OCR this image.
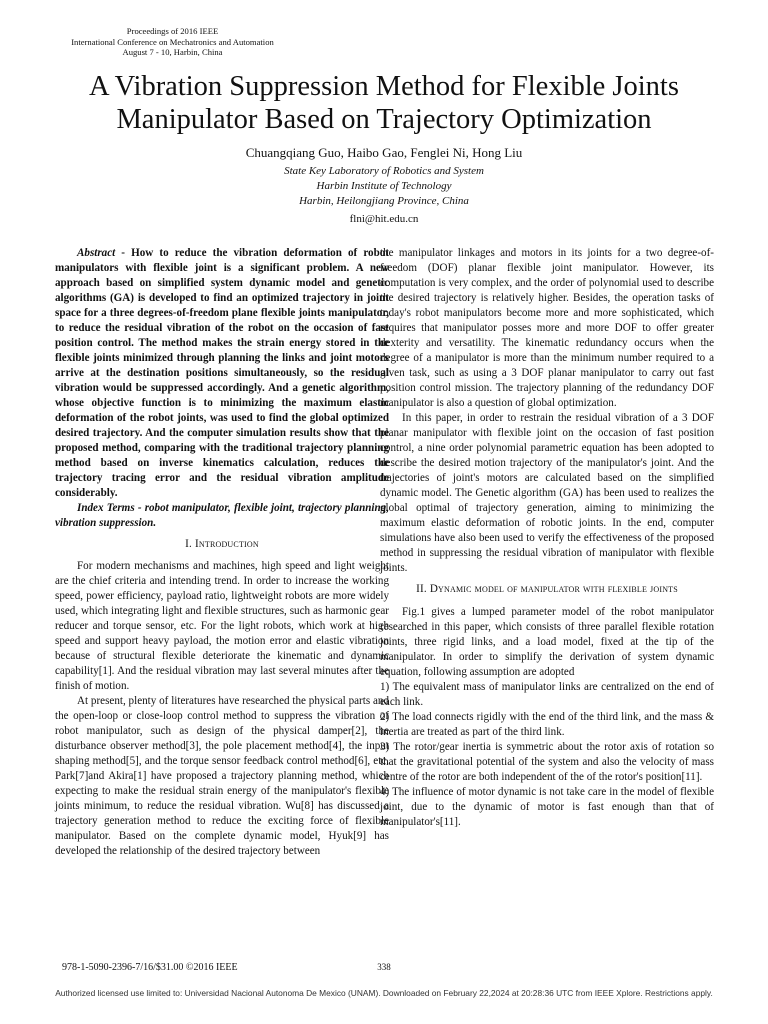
Proceedings of 2016 IEEE
International Conference on Mechatronics and Automation
August 7 - 10, Harbin, China
A Vibration Suppression Method for Flexible Joints
Manipulator Based on Trajectory Optimization
Chuangqiang Guo, Haibo Gao, Fenglei Ni, Hong Liu
State Key Laboratory of Robotics and System
Harbin Institute of Technology
Harbin, Heilongjiang Province, China
flni@hit.edu.cn

Abstract - How to reduce the vibration deformation of robot manipulators with flexible joint is a significant problem. A new approach based on simplified system dynamic model and genetic algorithms (GA) is developed to find an optimized trajectory in joint space for a three degrees-of-freedom plane flexible joints manipulator, to reduce the residual vibration of the robot on the occasion of fast position control. The method makes the strain energy stored in the flexible joints minimized through planning the links and joint motors arrive at the destination positions simultaneously, so the residual vibration would be suppressed accordingly. And a genetic algorithm, whose objective function is to minimizing the maximum elastic deformation of the robot joints, was used to find the global optimized desired trajectory. And the computer simulation results show that the proposed method, comparing with the traditional trajectory planning method based on inverse kinematics calculation, reduces the trajectory tracing error and the residual vibration amplitude considerably.

Index Terms - robot manipulator, flexible joint, trajectory planning, vibration suppression.

I. Introduction

For modern mechanisms and machines, high speed and light weight are the chief criteria and intending trend. In order to increase the working speed, power efficiency, payload ratio, lightweight robots are more widely used, which integrating light and flexible structures, such as harmonic gear reducer and torque sensor, etc. For the light robots, which work at high speed and support heavy payload, the motion error and elastic vibration because of structural flexible deteriorate the kinematic and dynamic capability[1]. And the residual vibration may last several minutes after the finish of motion.

At present, plenty of literatures have researched the physical parts and the open-loop or close-loop control method to suppress the vibration of robot manipulator, such as design of the physical damper[2], the disturbance observer method[3], the pole placement method[4], the input shaping method[5], and the torque sensor feedback control method[6], etc. Park[7]and Akira[1] have proposed a trajectory planning method, which expecting to make the residual strain energy of the manipulator's flexible joints minimum, to reduce the residual vibration. Wu[8] has discussed a trajectory generation method to reduce the exciting force of flexible manipulator. Based on the complete dynamic model, Hyuk[9] has developed the relationship of the desired trajectory between

the manipulator linkages and motors in its joints for a two degree-of-freedom (DOF) planar flexible joint manipulator. However, its computation is very complex, and the order of polynomial used to describe the desired trajectory is relatively higher. Besides, the operation tasks of today's robot manipulators become more and more sophisticated, which requires that manipulator posses more and more DOF to offer greater dexterity and versatility. The kinematic redundancy occurs when the degree of a manipulator is more than the minimum number required to a given task, such as using a 3 DOF planar manipulator to carry out fast position control mission. The trajectory planning of the redundancy DOF manipulator is also a question of global optimization.

In this paper, in order to restrain the residual vibration of a 3 DOF planar manipulator with flexible joint on the occasion of fast position control, a nine order polynomial parametric equation has been adopted to describe the desired motion trajectory of the manipulator's joint. And the trajectories of joint's motors are calculated based on the simplified dynamic model. The Genetic algorithm (GA) has been used to realizes the global optimal of trajectory generation, aiming to minimizing the maximum elastic deformation of robotic joints. In the end, computer simulations have also been used to verify the effectiveness of the proposed method in suppressing the residual vibration of manipulator with flexible joints.

II. Dynamic model of manipulator with flexible joints

Fig.1 gives a lumped parameter model of the robot manipulator researched in this paper, which consists of three parallel flexible rotation joints, three rigid links, and a load model, fixed at the tip of the manipulator. In order to simplify the derivation of system dynamic equation, following assumption are adopted

1) The equivalent mass of manipulator links are centralized on the end of each link.

2) The load connects rigidly with the end of the third link, and the mass & inertia are treated as part of the third link.

3) The rotor/gear inertia is symmetric about the rotor axis of rotation so that the gravitational potential of the system and also the velocity of mass centre of the rotor are both independent of the of the rotor's position[11].

4) The influence of motor dynamic is not take care in the model of flexible joint, due to the dynamic of motor is fast enough than that of manipulator's[11].

978-1-5090-2396-7/16/$31.00 ©2016 IEEE	338
Authorized licensed use limited to: Universidad Nacional Autonoma De Mexico (UNAM). Downloaded on February 22,2024 at 20:28:36 UTC from IEEE Xplore. Restrictions apply.
